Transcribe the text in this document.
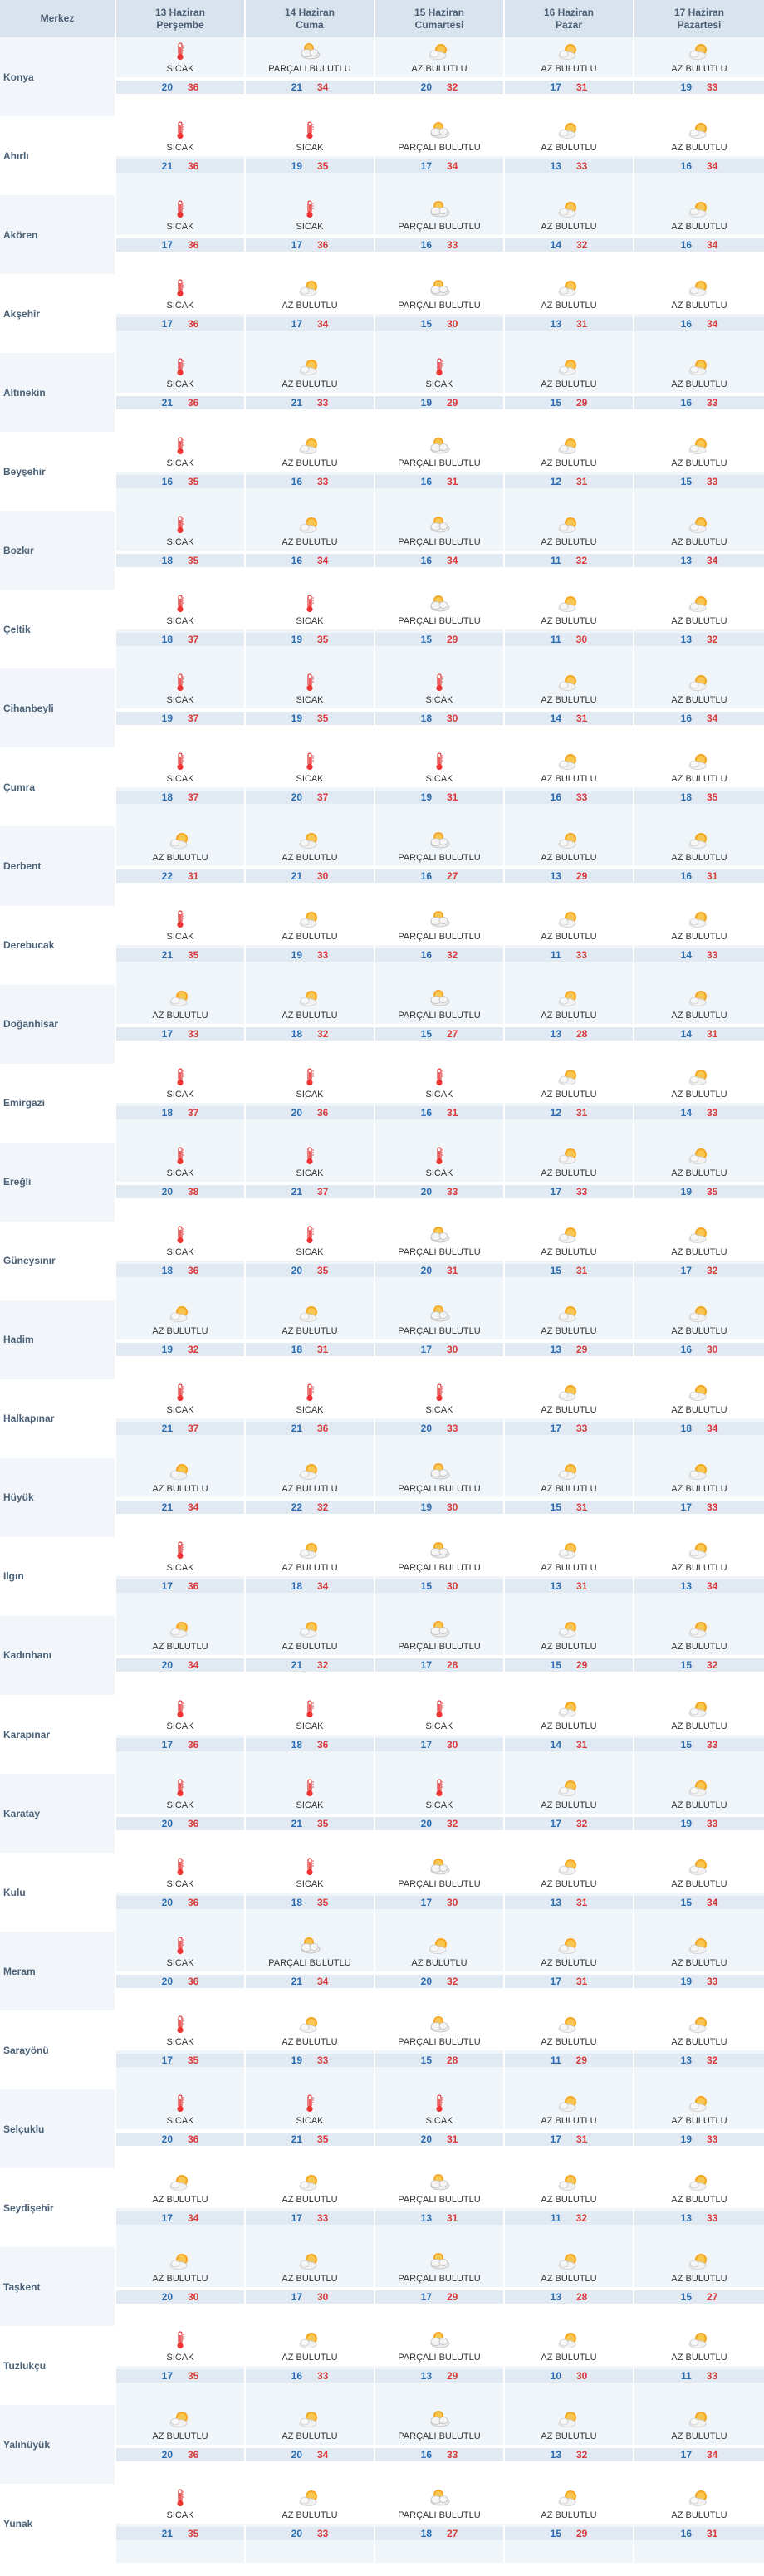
Merkez
13 Haziran
Perşembe
14 Haziran
Cuma
15 Haziran
Cumartesi
16 Haziran
Pazar
17 Haziran
Pazartesi
Konya
SICAK
20 36
PARÇALI BULUTLU
21 34
AZ BULUTLU
20 32
AZ BULUTLU
17 31
AZ BULUTLU
19 33
Ahırlı
SICAK
21 36
SICAK
19 35
PARÇALI BULUTLU
17 34
AZ BULUTLU
13 33
AZ BULUTLU
16 34
Akören
SICAK
17 36
SICAK
17 36
PARÇALI BULUTLU
16 33
AZ BULUTLU
14 32
AZ BULUTLU
16 34
Akşehir
SICAK
17 36
AZ BULUTLU
17 34
PARÇALI BULUTLU
15 30
AZ BULUTLU
13 31
AZ BULUTLU
16 34
Altınekin
SICAK
21 36
AZ BULUTLU
21 33
SICAK
19 29
AZ BULUTLU
15 29
AZ BULUTLU
16 33
Beyşehir
SICAK
16 35
AZ BULUTLU
16 33
PARÇALI BULUTLU
16 31
AZ BULUTLU
12 31
AZ BULUTLU
15 33
Bozkır
SICAK
18 35
AZ BULUTLU
16 34
PARÇALI BULUTLU
16 34
AZ BULUTLU
11 32
AZ BULUTLU
13 34
Çeltik
SICAK
18 37
SICAK
19 35
PARÇALI BULUTLU
15 29
AZ BULUTLU
11 30
AZ BULUTLU
13 32
Cihanbeyli
SICAK
19 37
SICAK
19 35
SICAK
18 30
AZ BULUTLU
14 31
AZ BULUTLU
16 34
Çumra
SICAK
18 37
SICAK
20 37
SICAK
19 31
AZ BULUTLU
16 33
AZ BULUTLU
18 35
Derbent
AZ BULUTLU
22 31
AZ BULUTLU
21 30
PARÇALI BULUTLU
16 27
AZ BULUTLU
13 29
AZ BULUTLU
16 31
Derebucak
SICAK
21 35
AZ BULUTLU
19 33
PARÇALI BULUTLU
16 32
AZ BULUTLU
11 33
AZ BULUTLU
14 33
Doğanhisar
AZ BULUTLU
17 33
AZ BULUTLU
18 32
PARÇALI BULUTLU
15 27
AZ BULUTLU
13 28
AZ BULUTLU
14 31
Emirgazi
SICAK
18 37
SICAK
20 36
SICAK
16 31
AZ BULUTLU
12 31
AZ BULUTLU
14 33
Ereğli
SICAK
20 38
SICAK
21 37
SICAK
20 33
AZ BULUTLU
17 33
AZ BULUTLU
19 35
Güneysınır
SICAK
18 36
SICAK
20 35
PARÇALI BULUTLU
20 31
AZ BULUTLU
15 31
AZ BULUTLU
17 32
Hadim
AZ BULUTLU
19 32
AZ BULUTLU
18 31
PARÇALI BULUTLU
17 30
AZ BULUTLU
13 29
AZ BULUTLU
16 30
Halkapınar
SICAK
21 37
SICAK
21 36
SICAK
20 33
AZ BULUTLU
17 33
AZ BULUTLU
18 34
Hüyük
AZ BULUTLU
21 34
AZ BULUTLU
22 32
PARÇALI BULUTLU
19 30
AZ BULUTLU
15 31
AZ BULUTLU
17 33
Ilgın
SICAK
17 36
AZ BULUTLU
18 34
PARÇALI BULUTLU
15 30
AZ BULUTLU
13 31
AZ BULUTLU
13 34
Kadınhanı
AZ BULUTLU
20 34
AZ BULUTLU
21 32
PARÇALI BULUTLU
17 28
AZ BULUTLU
15 29
AZ BULUTLU
15 32
Karapınar
SICAK
17 36
SICAK
18 36
SICAK
17 30
AZ BULUTLU
14 31
AZ BULUTLU
15 33
Karatay
SICAK
20 36
SICAK
21 35
SICAK
20 32
AZ BULUTLU
17 32
AZ BULUTLU
19 33
Kulu
SICAK
20 36
SICAK
18 35
PARÇALI BULUTLU
17 30
AZ BULUTLU
13 31
AZ BULUTLU
15 34
Meram
SICAK
20 36
PARÇALI BULUTLU
21 34
AZ BULUTLU
20 32
AZ BULUTLU
17 31
AZ BULUTLU
19 33
Sarayönü
SICAK
17 35
AZ BULUTLU
19 33
PARÇALI BULUTLU
15 28
AZ BULUTLU
11 29
AZ BULUTLU
13 32
Selçuklu
SICAK
20 36
SICAK
21 35
SICAK
20 31
AZ BULUTLU
17 31
AZ BULUTLU
19 33
Seydişehir
AZ BULUTLU
17 34
AZ BULUTLU
17 33
PARÇALI BULUTLU
13 31
AZ BULUTLU
11 32
AZ BULUTLU
13 33
Taşkent
AZ BULUTLU
20 30
AZ BULUTLU
17 30
PARÇALI BULUTLU
17 29
AZ BULUTLU
13 28
AZ BULUTLU
15 27
Tuzlukçu
SICAK
17 35
AZ BULUTLU
16 33
PARÇALI BULUTLU
13 29
AZ BULUTLU
10 30
AZ BULUTLU
11 33
Yalıhüyük
AZ BULUTLU
20 36
AZ BULUTLU
20 34
PARÇALI BULUTLU
16 33
AZ BULUTLU
13 32
AZ BULUTLU
17 34
Yunak
SICAK
21 35
AZ BULUTLU
20 33
PARÇALI BULUTLU
18 27
AZ BULUTLU
15 29
AZ BULUTLU
16 31
